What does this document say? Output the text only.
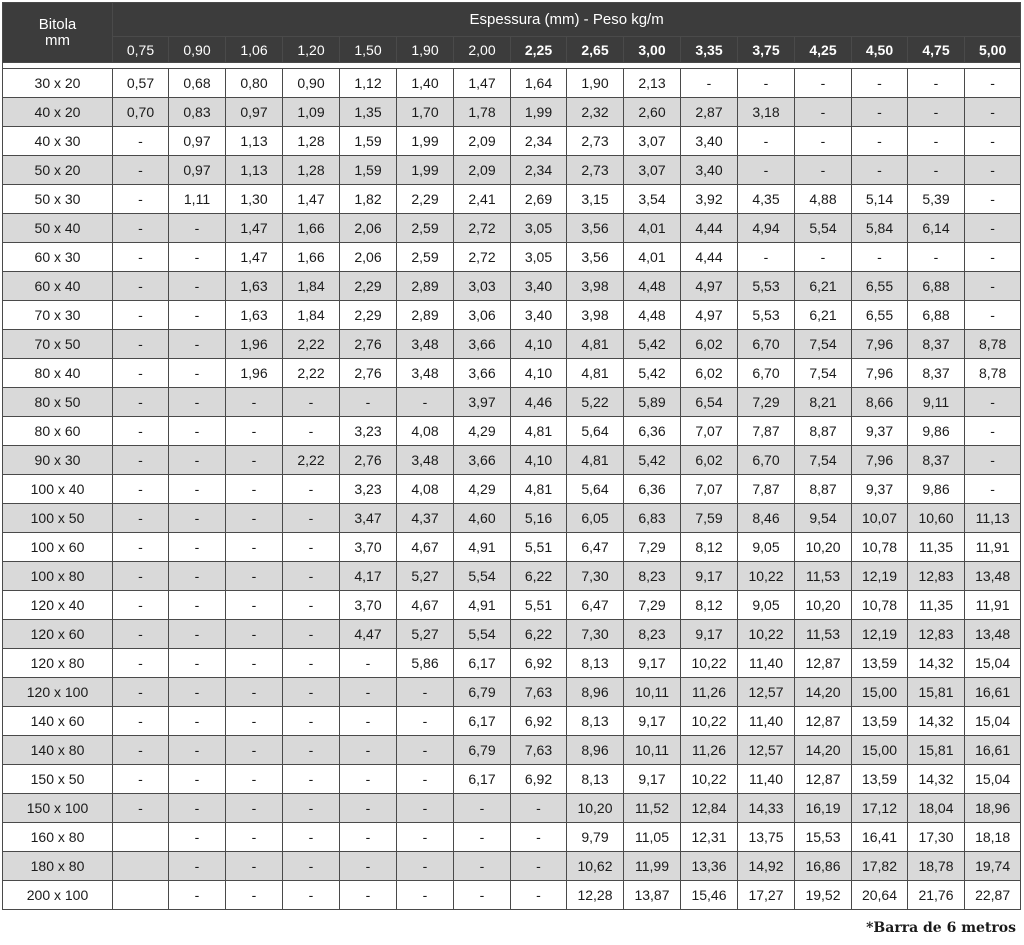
Bitola
mm	Espessura (mm) - Peso kg/m															
	0,75	0,90	1,06	1,20	1,50	1,90	2,00	2,25	2,65	3,00	3,35	3,75	4,25	4,50	4,75	5,00

30 x 20	0,57	0,68	0,80	0,90	1,12	1,40	1,47	1,64	1,90	2,13	-	-	-	-	-	-
40 x 20	0,70	0,83	0,97	1,09	1,35	1,70	1,78	1,99	2,32	2,60	2,87	3,18	-	-	-	-
40 x 30	-	0,97	1,13	1,28	1,59	1,99	2,09	2,34	2,73	3,07	3,40	-	-	-	-	-
50 x 20	-	0,97	1,13	1,28	1,59	1,99	2,09	2,34	2,73	3,07	3,40	-	-	-	-	-
50 x 30	-	1,11	1,30	1,47	1,82	2,29	2,41	2,69	3,15	3,54	3,92	4,35	4,88	5,14	5,39	-
50 x 40	-	-	1,47	1,66	2,06	2,59	2,72	3,05	3,56	4,01	4,44	4,94	5,54	5,84	6,14	-
60 x 30	-	-	1,47	1,66	2,06	2,59	2,72	3,05	3,56	4,01	4,44	-	-	-	-	-
60 x 40	-	-	1,63	1,84	2,29	2,89	3,03	3,40	3,98	4,48	4,97	5,53	6,21	6,55	6,88	-
70 x 30	-	-	1,63	1,84	2,29	2,89	3,06	3,40	3,98	4,48	4,97	5,53	6,21	6,55	6,88	-
70 x 50	-	-	1,96	2,22	2,76	3,48	3,66	4,10	4,81	5,42	6,02	6,70	7,54	7,96	8,37	8,78
80 x 40	-	-	1,96	2,22	2,76	3,48	3,66	4,10	4,81	5,42	6,02	6,70	7,54	7,96	8,37	8,78
80 x 50	-	-	-	-	-	-	3,97	4,46	5,22	5,89	6,54	7,29	8,21	8,66	9,11	-
80 x 60	-	-	-	-	3,23	4,08	4,29	4,81	5,64	6,36	7,07	7,87	8,87	9,37	9,86	-
90 x 30	-	-	-	2,22	2,76	3,48	3,66	4,10	4,81	5,42	6,02	6,70	7,54	7,96	8,37	-
100 x 40	-	-	-	-	3,23	4,08	4,29	4,81	5,64	6,36	7,07	7,87	8,87	9,37	9,86	-
100 x 50	-	-	-	-	3,47	4,37	4,60	5,16	6,05	6,83	7,59	8,46	9,54	10,07	10,60	11,13
100 x 60	-	-	-	-	3,70	4,67	4,91	5,51	6,47	7,29	8,12	9,05	10,20	10,78	11,35	11,91
100 x 80	-	-	-	-	4,17	5,27	5,54	6,22	7,30	8,23	9,17	10,22	11,53	12,19	12,83	13,48
120 x 40	-	-	-	-	3,70	4,67	4,91	5,51	6,47	7,29	8,12	9,05	10,20	10,78	11,35	11,91
120 x 60	-	-	-	-	4,47	5,27	5,54	6,22	7,30	8,23	9,17	10,22	11,53	12,19	12,83	13,48
120 x 80	-	-	-	-	-	5,86	6,17	6,92	8,13	9,17	10,22	11,40	12,87	13,59	14,32	15,04
120 x 100	-	-	-	-	-	-	6,79	7,63	8,96	10,11	11,26	12,57	14,20	15,00	15,81	16,61
140 x 60	-	-	-	-	-	-	6,17	6,92	8,13	9,17	10,22	11,40	12,87	13,59	14,32	15,04
140 x 80	-	-	-	-	-	-	6,79	7,63	8,96	10,11	11,26	12,57	14,20	15,00	15,81	16,61
150 x 50	-	-	-	-	-	-	6,17	6,92	8,13	9,17	10,22	11,40	12,87	13,59	14,32	15,04
150 x 100	-	-	-	-	-	-	-	-	10,20	11,52	12,84	14,33	16,19	17,12	18,04	18,96
160 x 80		-	-	-	-	-	-	-	9,79	11,05	12,31	13,75	15,53	16,41	17,30	18,18
180 x 80		-	-	-	-	-	-	-	10,62	11,99	13,36	14,92	16,86	17,82	18,78	19,74
200 x 100		-	-	-	-	-	-	-	12,28	13,87	15,46	17,27	19,52	20,64	21,76	22,87
*Barra de 6 metros
